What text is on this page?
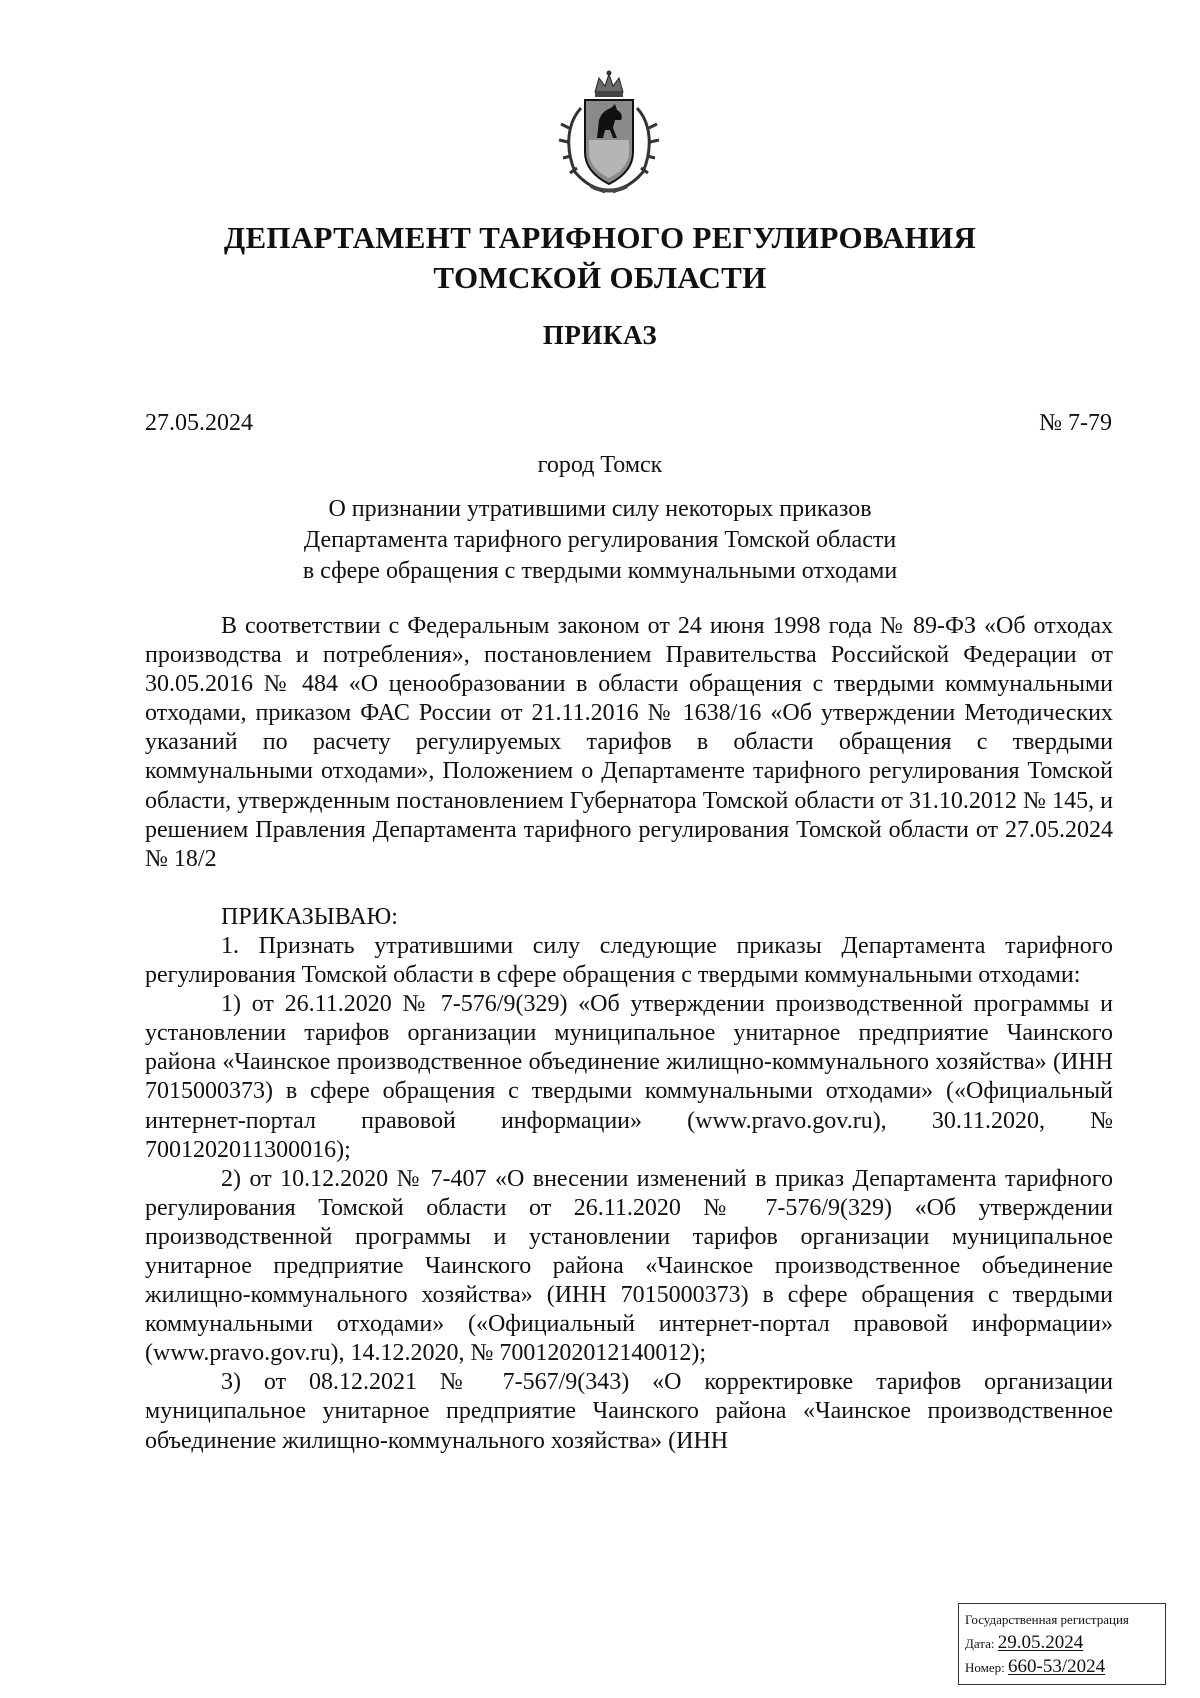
ДЕПАРТАМЕНТ ТАРИФНОГО РЕГУЛИРОВАНИЯ
ТОМСКОЙ ОБЛАСТИ
ПРИКАЗ
27.05.2024	№ 7-79
город Томск
О признании утратившими силу некоторых приказов
Департамента тарифного регулирования Томской области
в сфере обращения с твердыми коммунальными отходами

В соответствии с Федеральным законом от 24 июня 1998 года № 89-ФЗ «Об отходах производства и потребления», постановлением Правительства Российской Федерации от 30.05.2016 № 484 «О ценообразовании в области обращения с твердыми коммунальными отходами, приказом ФАС России от 21.11.2016 № 1638/16 «Об утверждении Методических указаний по расчету регулируемых тарифов в области обращения с твердыми коммунальными отходами», Положением о Департаменте тарифного регулирования Томской области, утвержденным постановлением Губернатора Томской области от 31.10.2012 № 145, и решением Правления Департамента тарифного регулирования Томской области от 27.05.2024 № 18/2

ПРИКАЗЫВАЮ:

1. Признать утратившими силу следующие приказы Департамента тарифного регулирования Томской области в сфере обращения с твердыми коммунальными отходами:

1) от 26.11.2020 № 7-576/9(329) «Об утверждении производственной программы и установлении тарифов организации муниципальное унитарное предприятие Чаинского района «Чаинское производственное объединение жилищно-коммунального хозяйства» (ИНН 7015000373) в сфере обращения с твердыми коммунальными отходами» («Официальный интернет-портал правовой информации» (www.pravo.gov.ru), 30.11.2020, № 7001202011300016);

2) от 10.12.2020 № 7-407 «О внесении изменений в приказ Департамента тарифного регулирования Томской области от 26.11.2020 № 7-576/9(329) «Об утверждении производственной программы и установлении тарифов организации муниципальное унитарное предприятие Чаинского района «Чаинское производственное объединение жилищно-коммунального хозяйства» (ИНН 7015000373) в сфере обращения с твердыми коммунальными отходами» («Официальный интернет-портал правовой информации» (www.pravo.gov.ru), 14.12.2020, № 7001202012140012);

3) от 08.12.2021 № 7-567/9(343) «О корректировке тарифов организации муниципальное унитарное предприятие Чаинского района «Чаинское производственное объединение жилищно-коммунального хозяйства» (ИНН

Государственная регистрация
Дата: 29.05.2024
Номер: 660-53/2024
